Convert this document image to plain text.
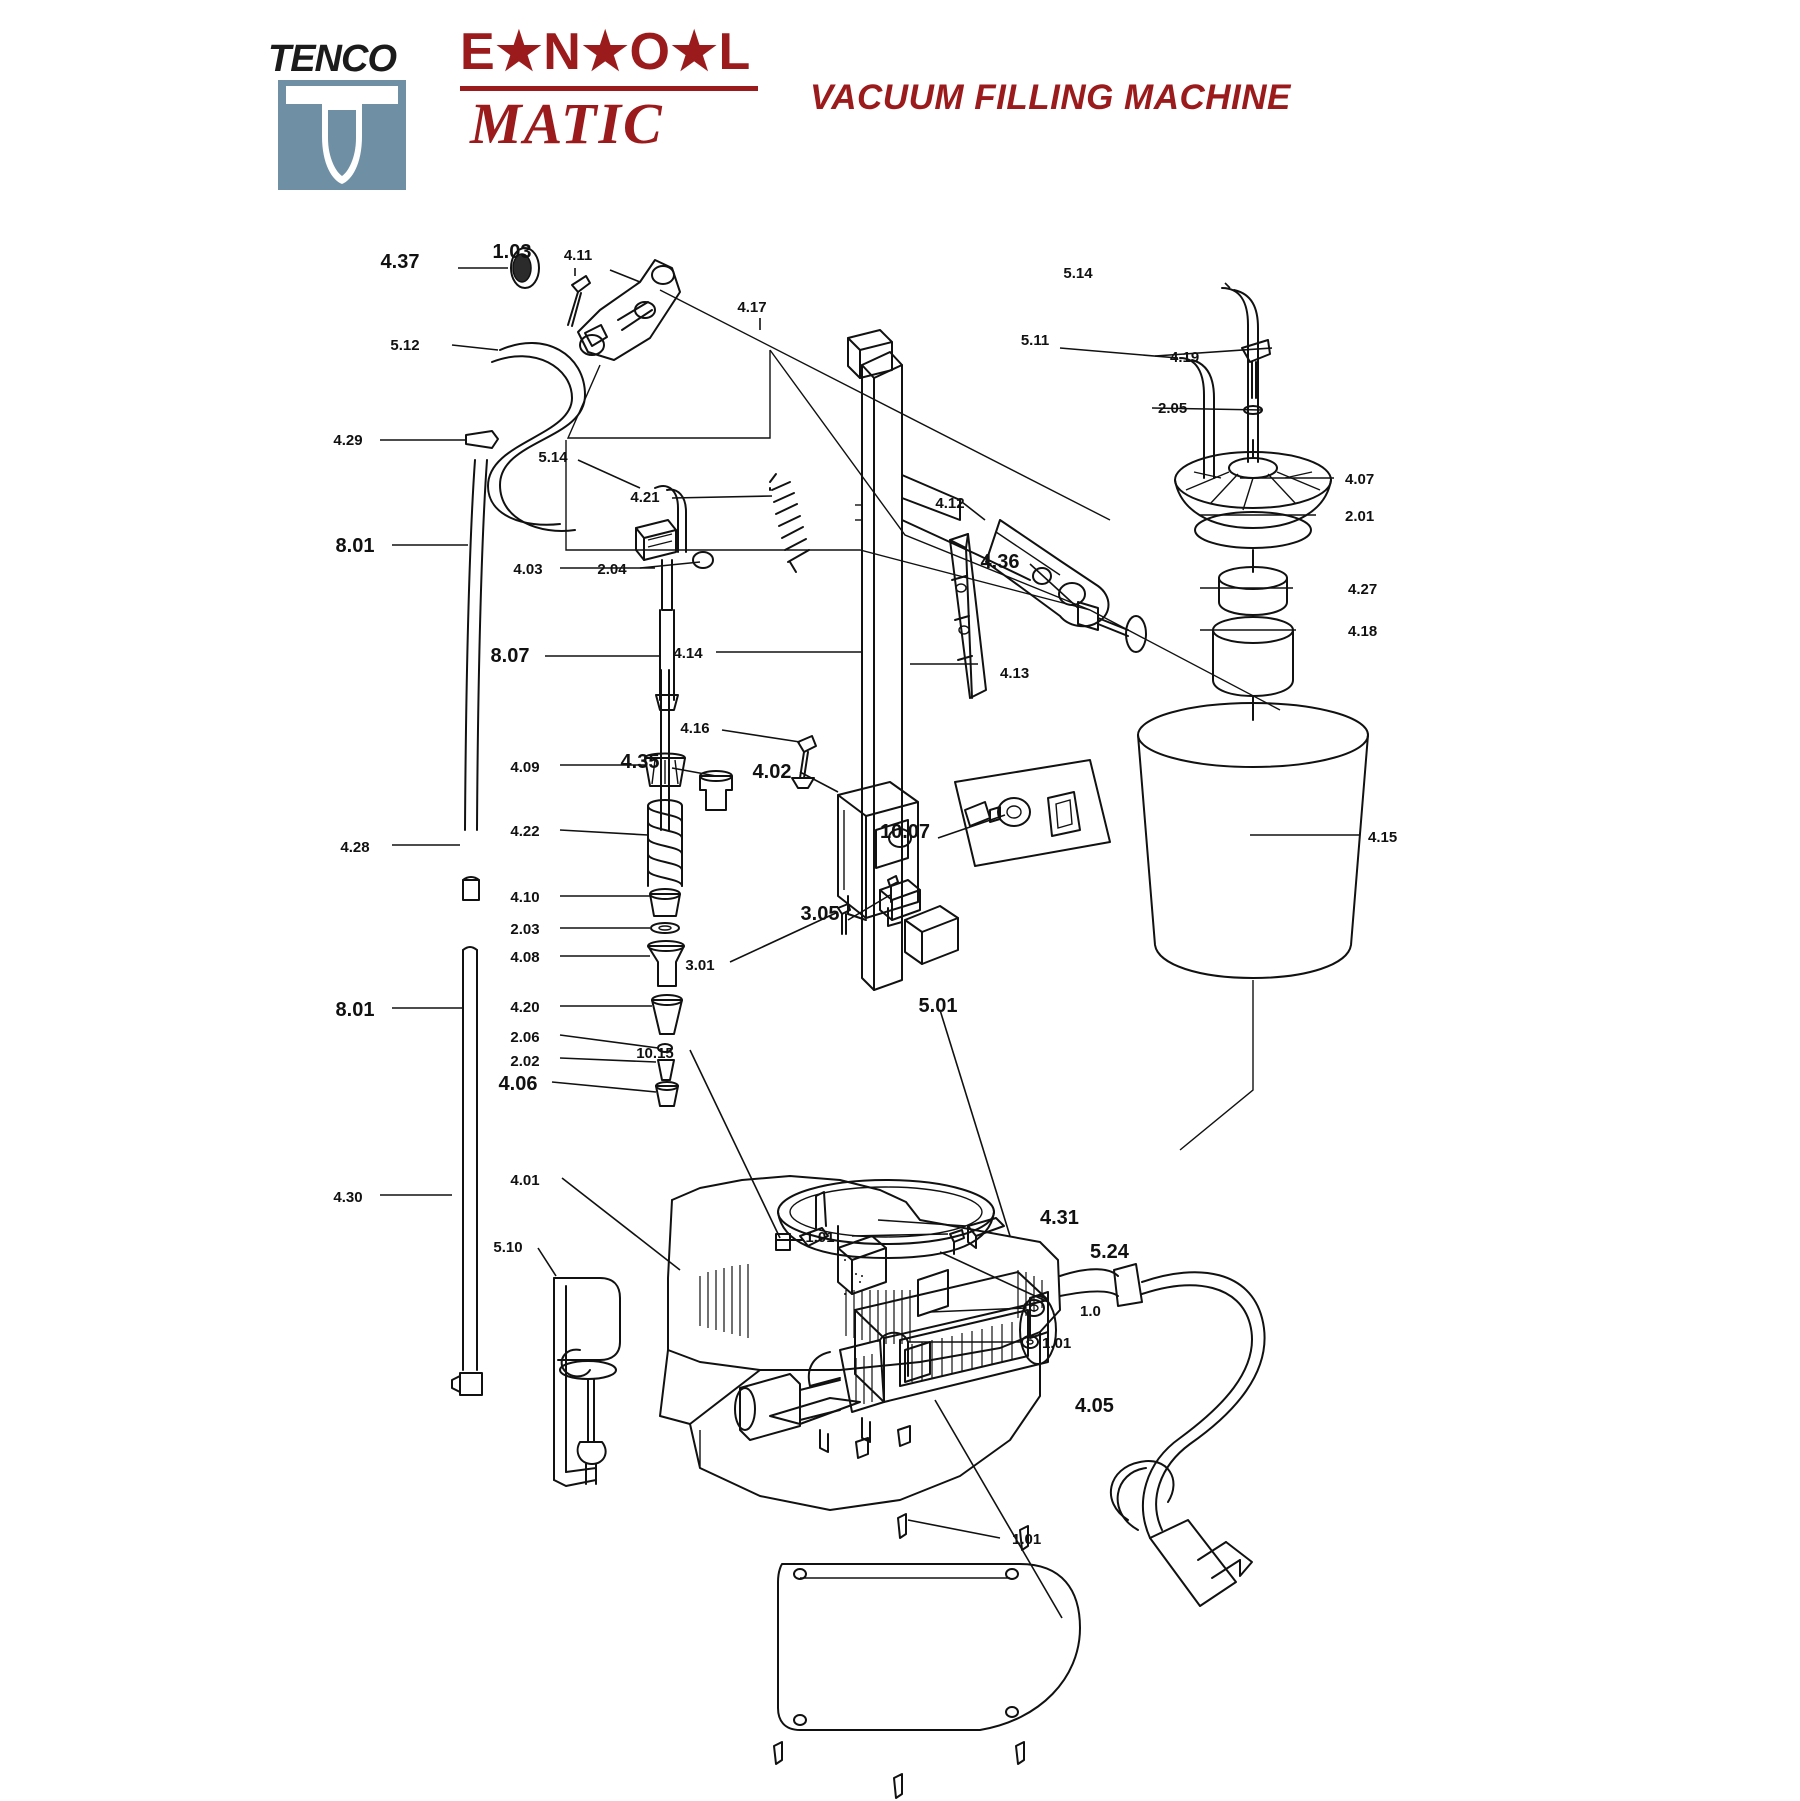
TENCO	E★N★O★L
MATIC	VACUUM FILLING MACHINE
4.37	1.03 4.11
4.17
5.14
5.11
4.19
2.05
5.12
4.29
5.14
4.21	4.12
4.07
2.01
8.01
4.03	2.04	4.36
4.27
4.18
4.14
4.13
8.07
4.16
4.09	4.35	4.02
10.07
4.22	4.15
4.28
4.10
2.03
3.05
4.08	3.01
4.20	5.01
2.06
2.02
8.01
4.06
10.15
4.01
4.31
1.01
4.30
5.24
5.10
1.0
1.01
4.05
1.01
